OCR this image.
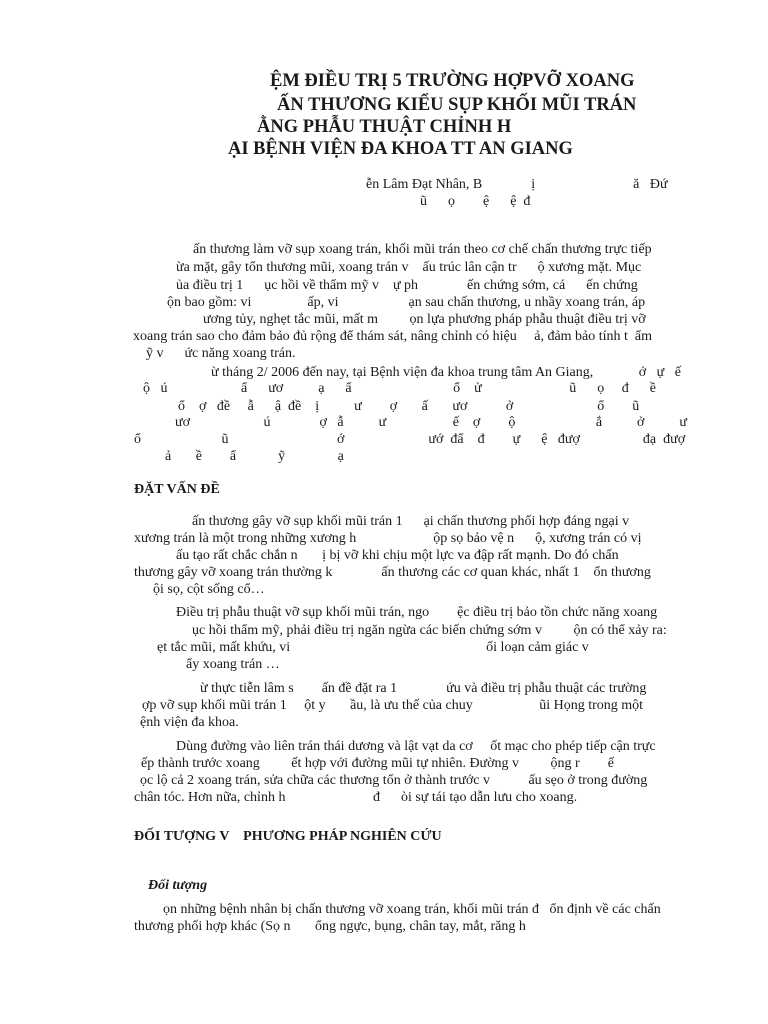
ỆM ĐIỀU TRỊ 5 TRƯỜNG HỢPVỠ XOANG
ẤN THƯƠNG KIỂU SỤP KHỐI MŨI TRÁN
ẰNG PHẪU THUẬT CHỈNH H
ẠI BỆNH VIỆN ĐA KHOA TT AN GIANG
ễn Lâm Đạt Nhân, B              ị                            ă   Đứ
ũ      ọ        ệ      ệ  đ
ấn thương làm vỡ sụp xoang trán, khối mũi trán theo cơ chế chấn thương trực tiếp
ừa mặt, gây tổn thương mũi, xoang trán v    ấu trúc lân cận tr      ộ xương mặt. Mục
ủa điều trị 1      ục hồi về thẩm mỹ v    ự ph              ến chứng sớm, cá      ến chứng
ộn bao gồm: vi                ấp, vi                    ạn sau chấn thương, u nhầy xoang trán, áp
ương tủy, nghẹt tắc mũi, mất m         ọn lựa phương pháp phẫu thuật điều trị vỡ
xoang trán sao cho đảm bảo đủ rộng để thám sát, nâng chỉnh có hiệu     ả, đảm bảo tính t  ẩm
ỹ v      ức năng xoang trán.
ừ tháng 2/ 2006 đến nay, tại Bệnh viện đa khoa trung tâm An Giang,             ớ   ự   ế
ộ   ú                     ẩ      ươ          ạ      ẩ                             ổ    ử                         ũ      ọ     đ      ề
ổ    ợ   đề     ẫ      ậ  đề    ị          ư        ợ       ấ       ươ           ở                        ổ        ũ
ươ                     ú              ợ   ẫ          ư                   ế    ợ        ộ                       ắ          ở          ư
ổ                       ũ                               ớ                        ướ  đẩ    đ        ự      ệ   đượ                  đạ  đượ
ả       ề        ẩ            ỹ               ạ
ĐẶT VẤN ĐỀ
ấn thương gây vỡ sụp khối mũi trán 1      ại chấn thương phối hợp đáng ngại v
xương trán là một trong những xương h                      ộp sọ bảo vệ n      ộ, xương trán có vị
ấu tạo rất chắc chắn n       ị bị vỡ khi chịu một lực va đập rất mạnh. Do đó chấn
thương gây vỡ xoang trán thường k              ấn thương các cơ quan khác, nhất 1    ổn thương
ội sọ, cột sống cổ…
Điều trị phẫu thuật vỡ sụp khối mũi trán, ngo        ệc điều trị bảo tồn chức năng xoang
ục hồi thẩm mỹ, phải điều trị ngăn ngừa các biến chứng sớm v         ộn có thể xảy ra:
ẹt tắc mũi, mất khứu, vi                                                        ối loạn cảm giác v
ẩy xoang trán …
ừ thực tiễn lâm s        ấn đề đặt ra 1              ứu và điều trị phẫu thuật các trường
ợp vỡ sụp khối mũi trán 1     ột y       ầu, là ưu thế của chuy                   ũi Họng trong một
ệnh viện đa khoa.
Dùng đường vào liên trán thái dương và lật vạt da cơ     ốt mạc cho phép tiếp cận trực
ếp thành trước xoang         ết hợp với đường mũi tự nhiên. Đường v         ộng r        ế
ọc lộ cả 2 xoang trán, sửa chữa các thương tổn ở thành trước v           ấu sẹo ở trong đường
chân tóc. Hơn nữa, chỉnh h                         đ      òi sự tái tạo dẫn lưu cho xoang.
ĐỐI TƯỢNG V    PHƯƠNG PHÁP NGHIÊN CỨU
Đối tượng
ọn những bệnh nhân bị chấn thương vỡ xoang trán, khối mũi trán đ   ổn định về các chấn
thương phối hợp khác (Sọ n       ổng ngực, bụng, chân tay, mắt, răng h
